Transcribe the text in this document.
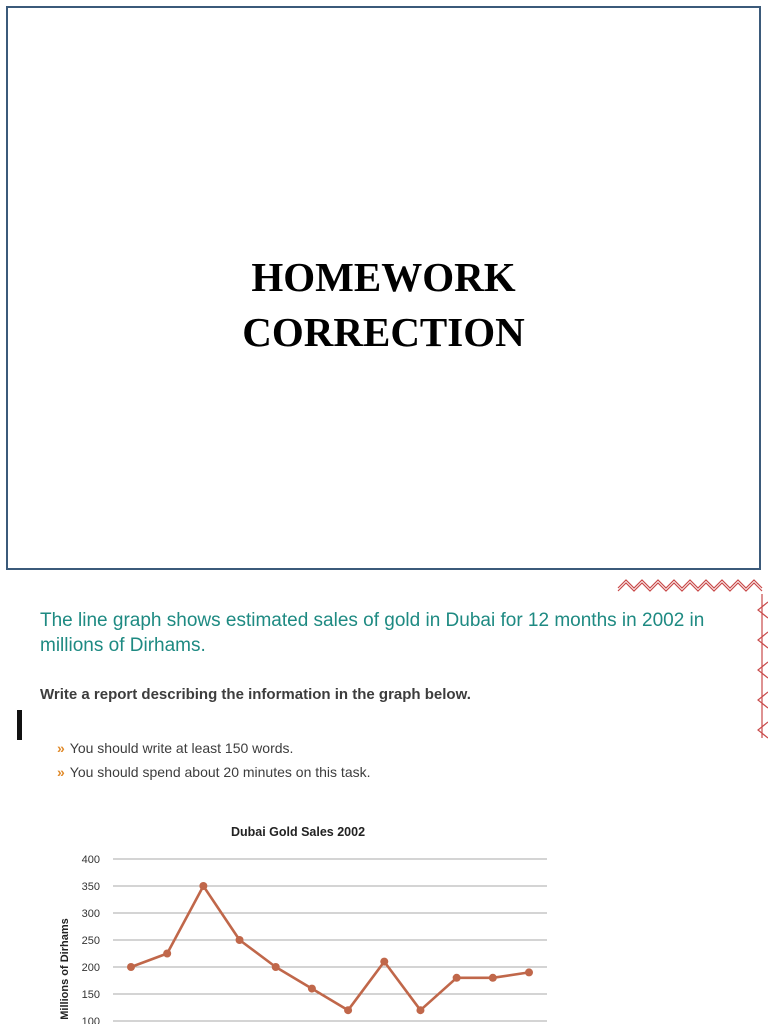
HOMEWORK
CORRECTION

The line graph shows estimated sales of gold in Dubai for 12 months in 2002 in millions of Dirhams.

Write a report describing the information in the graph below.

» You should write at least 150 words.
» You should spend about 20 minutes on this task.
Dubai Gold Sales 2002
Millions of Dirhams
100
150
200
250
300
350
400
